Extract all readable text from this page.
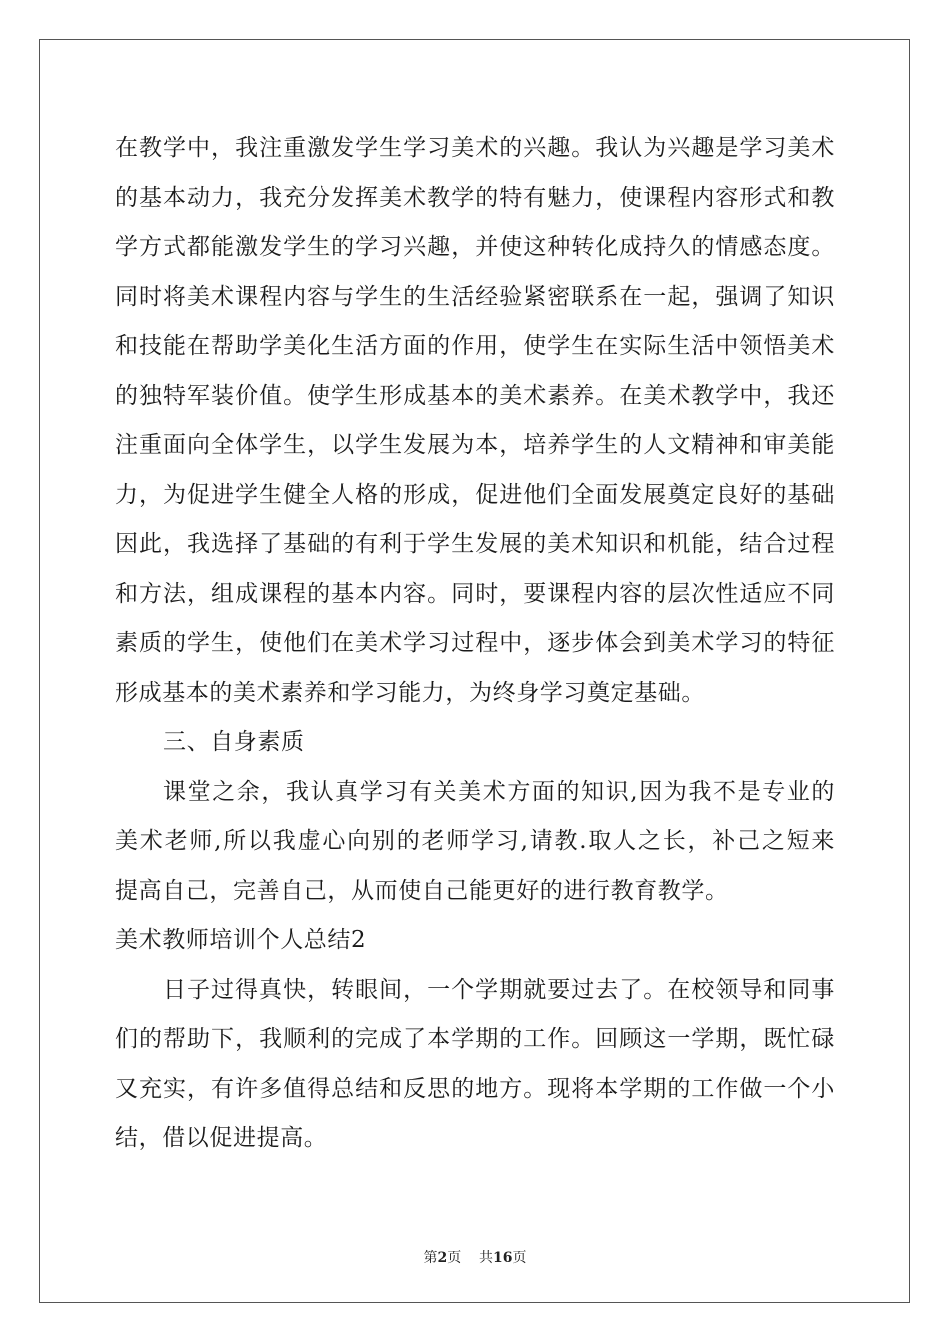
在教学中，我注重激发学生学习美术的兴趣。我认为兴趣是学习美术
的基本动力，我充分发挥美术教学的特有魅力，使课程内容形式和教
学方式都能激发学生的学习兴趣，并使这种转化成持久的情感态度。
同时将美术课程内容与学生的生活经验紧密联系在一起，强调了知识
和技能在帮助学美化生活方面的作用，使学生在实际生活中领悟美术
的独特军装价值。使学生形成基本的美术素养。在美术教学中，我还
注重面向全体学生，以学生发展为本，培养学生的人文精神和审美能
力，为促进学生健全人格的形成，促进他们全面发展奠定良好的基础
因此，我选择了基础的有利于学生发展的美术知识和机能，结合过程
和方法，组成课程的基本内容。同时，要课程内容的层次性适应不同
素质的学生，使他们在美术学习过程中，逐步体会到美术学习的特征
形成基本的美术素养和学习能力，为终身学习奠定基础。
三、自身素质
课堂之余，我认真学习有关美术方面的知识,因为我不是专业的
美术老师,所以我虚心向别的老师学习,请教.取人之长，补己之短来
提高自己，完善自己，从而使自己能更好的进行教育教学。
美术教师培训个人总结2
日子过得真快，转眼间，一个学期就要过去了。在校领导和同事
们的帮助下，我顺利的完成了本学期的工作。回顾这一学期，既忙碌
又充实，有许多值得总结和反思的地方。现将本学期的工作做一个小
结，借以促进提高。
第2页 共16页
